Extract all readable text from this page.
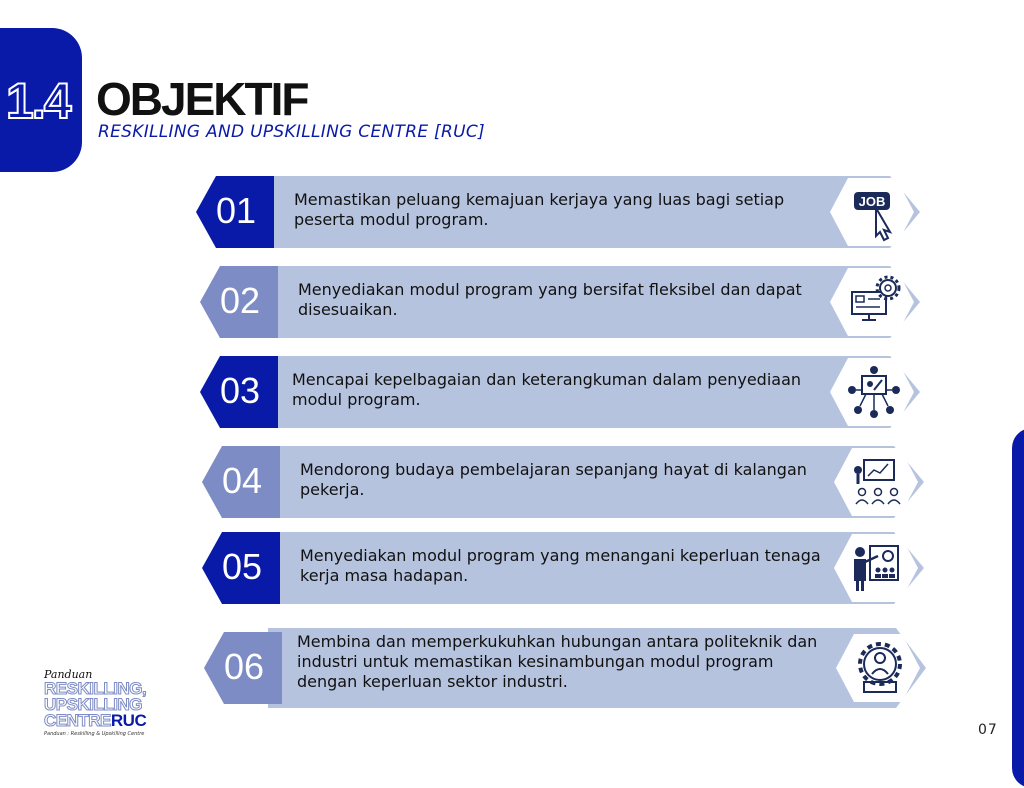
1.4 OBJEKTIF
RESKILLING AND UPSKILLING CENTRE [RUC]
01	Memastikan peluang kemajuan kerjaya yang luas bagi setiap peserta modul program.
JOB
02	Menyediakan modul program yang bersifat fleksibel dan dapat disesuaikan.
03	Mencapai kepelbagaian dan keterangkuman dalam penyediaan modul program.
04	Mendorong budaya pembelajaran sepanjang hayat di kalangan pekerja.
05	Menyediakan modul program yang menangani keperluan tenaga kerja masa hadapan.
06
Membina dan memperkukuhkan hubungan antara politeknik dan industri untuk memastikan kesinambungan modul program dengan keperluan sektor industri.
Panduan
RESKILLING,
UPSKILLING
CENTRERUC
Panduan : Reskilling & Upskilling Centre	07
